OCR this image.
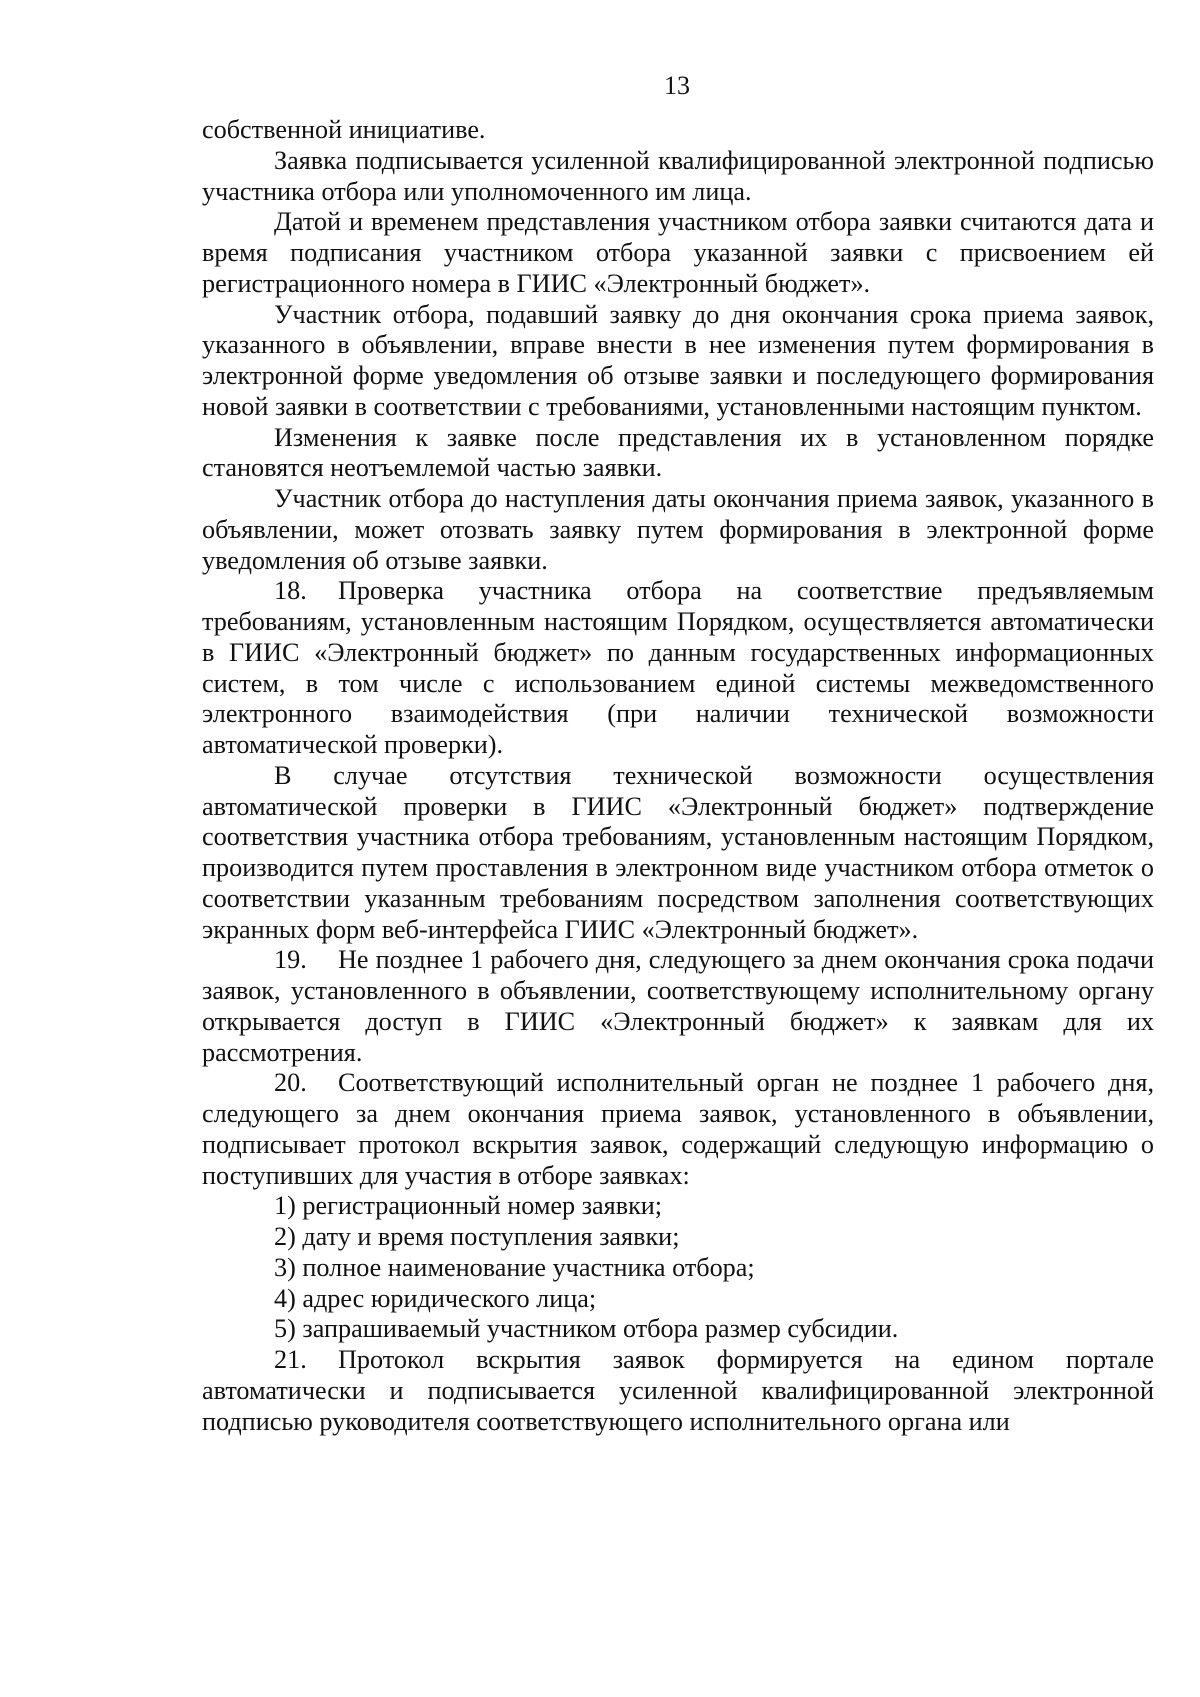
13

собственной инициативе.

Заявка подписывается усиленной квалифицированной электронной подписью участника отбора или уполномоченного им лица.

Датой и временем представления участником отбора заявки считаются дата и время подписания участником отбора указанной заявки с присвоением ей регистрационного номера в ГИИС «Электронный бюджет».

Участник отбора, подавший заявку до дня окончания срока приема заявок, указанного в объявлении, вправе внести в нее изменения путем формирования в электронной форме уведомления об отзыве заявки и последующего формирования новой заявки в соответствии с требованиями, установленными настоящим пунктом.

Изменения к заявке после представления их в установленном порядке становятся неотъемлемой частью заявки.

Участник отбора до наступления даты окончания приема заявок, указанного в объявлении, может отозвать заявку путем формирования в электронной форме уведомления об отзыве заявки.

18. Проверка участника отбора на соответствие предъявляемым требованиям, установленным настоящим Порядком, осуществляется автоматически в ГИИС «Электронный бюджет» по данным государственных информационных систем, в том числе с использованием единой системы межведомственного электронного взаимодействия (при наличии технической возможности автоматической проверки).

В случае отсутствия технической возможности осуществления автоматической проверки в ГИИС «Электронный бюджет» подтверждение соответствия участника отбора требованиям, установленным настоящим Порядком, производится путем проставления в электронном виде участником отбора отметок о соответствии указанным требованиям посредством заполнения соответствующих экранных форм веб-интерфейса ГИИС «Электронный бюджет».

19. Не позднее 1 рабочего дня, следующего за днем окончания срока подачи заявок, установленного в объявлении, соответствующему исполнительному органу открывается доступ в ГИИС «Электронный бюджет» к заявкам для их рассмотрения.

20. Соответствующий исполнительный орган не позднее 1 рабочего дня, следующего за днем окончания приема заявок, установленного в объявлении, подписывает протокол вскрытия заявок, содержащий следующую информацию о поступивших для участия в отборе заявках:

1) регистрационный номер заявки;

2) дату и время поступления заявки;

3) полное наименование участника отбора;

4) адрес юридического лица;

5) запрашиваемый участником отбора размер субсидии.

21. Протокол вскрытия заявок формируется на едином портале автоматически и подписывается усиленной квалифицированной электронной подписью руководителя соответствующего исполнительного органа или
